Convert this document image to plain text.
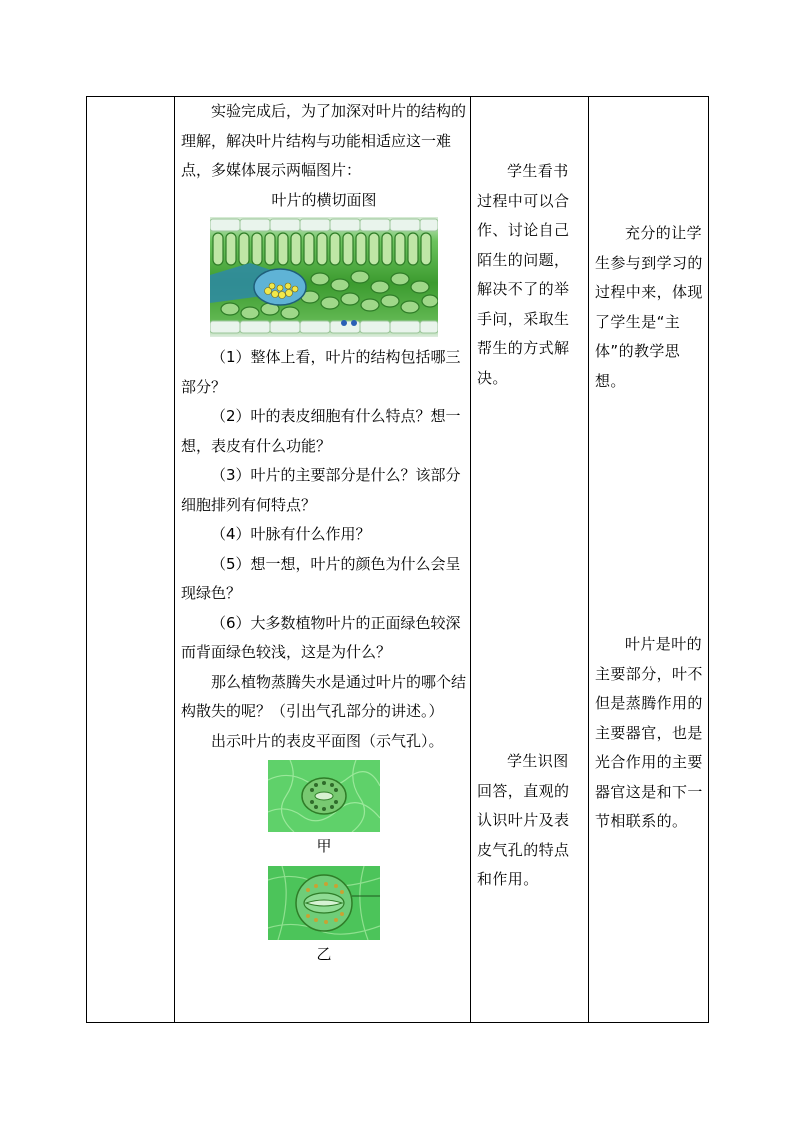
实验完成后，为了加深对叶片的结构的理解，解决叶片结构与功能相适应这一难点，多媒体展示两幅图片：

叶片的横切面图

（1）整体上看，叶片的结构包括哪三部分？

（2）叶的表皮细胞有什么特点？想一想，表皮有什么功能？

（3）叶片的主要部分是什么？该部分细胞排列有何特点？

（4）叶脉有什么作用？

（5）想一想，叶片的颜色为什么会呈现绿色？

（6）大多数植物叶片的正面绿色较深而背面绿色较浅，这是为什么？

那么植物蒸腾失水是通过叶片的哪个结构散失的呢？（引出气孔部分的讲述。）

出示叶片的表皮平面图（示气孔）。

甲

乙

学生看书过程中可以合作、讨论自己陌生的问题，解决不了的举手问，采取生帮生的方式解决。

学生识图回答，直观的认识叶片及表皮气孔的特点和作用。

充分的让学生参与到学习的过程中来，体现了学生是“主体”的教学思想。

叶片是叶的主要部分，叶不但是蒸腾作用的主要器官，也是光合作用的主要器官这是和下一节相联系的。
